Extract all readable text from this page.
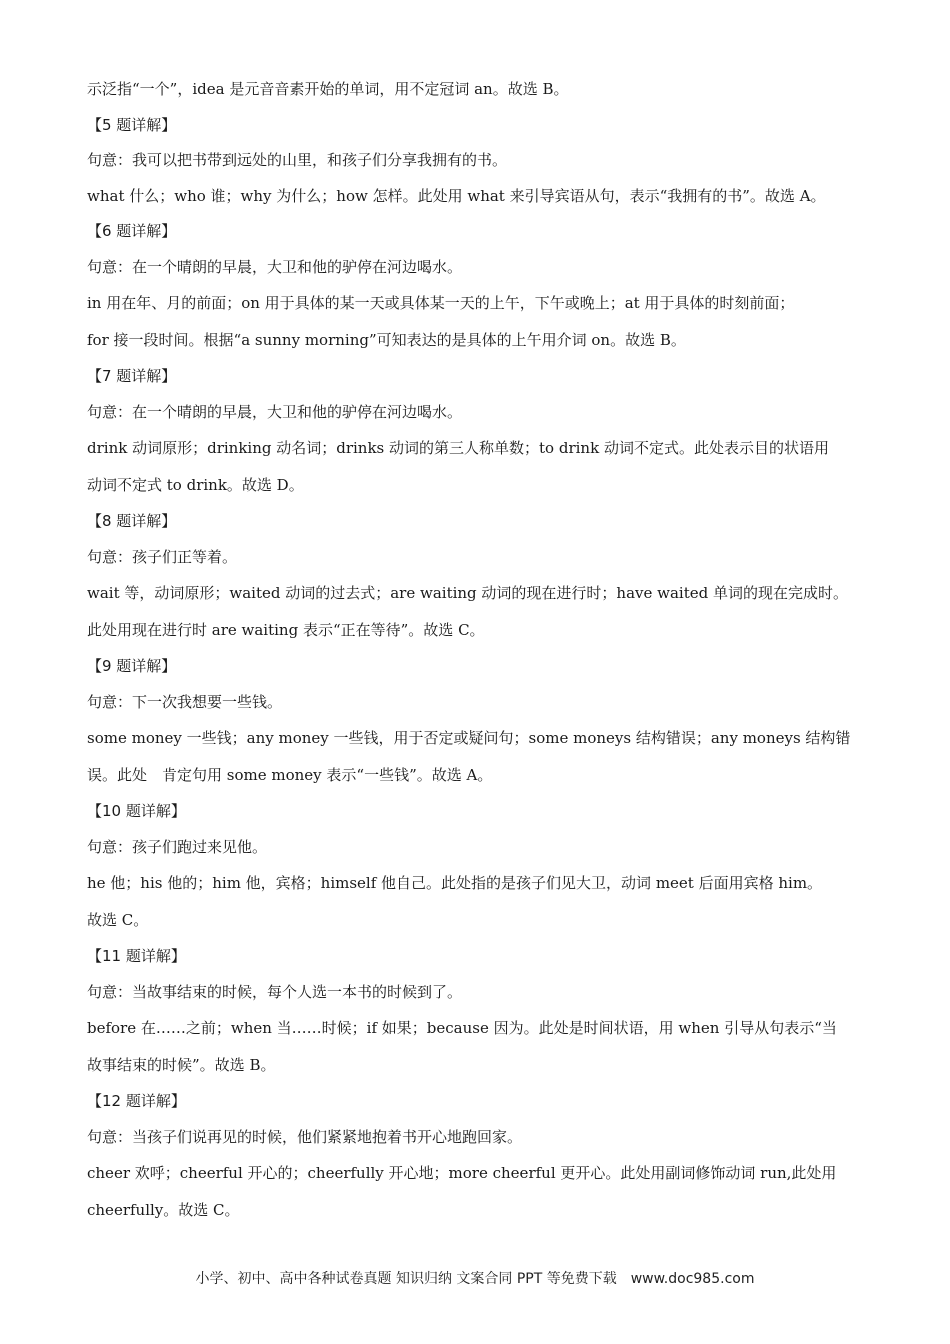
示泛指“一个”，idea 是元音音素开始的单词，用不定冠词 an。故选 B。

【5 题详解】

句意：我可以把书带到远处的山里，和孩子们分享我拥有的书。

what 什么；who 谁；why 为什么；how 怎样。此处用 what 来引导宾语从句，表示“我拥有的书”。故选 A。

【6 题详解】

句意：在一个晴朗的早晨，大卫和他的驴停在河边喝水。

in 用在年、月的前面；on 用于具体的某一天或具体某一天的上午，下午或晚上；at 用于具体的时刻前面；

for 接一段时间。根据“a sunny morning”可知表达的是具体的上午用介词 on。故选 B。

【7 题详解】

句意：在一个晴朗的早晨，大卫和他的驴停在河边喝水。

drink 动词原形；drinking 动名词；drinks 动词的第三人称单数；to drink 动词不定式。此处表示目的状语用

动词不定式 to drink。故选 D。

【8 题详解】

句意：孩子们正等着。

wait 等，动词原形；waited 动词的过去式；are waiting 动词的现在进行时；have waited 单词的现在完成时。

此处用现在进行时 are waiting 表示“正在等待”。故选 C。

【9 题详解】

句意：下一次我想要一些钱。

some money 一些钱；any money 一些钱，用于否定或疑问句；some moneys 结构错误；any moneys 结构错

误。此处　肯定句用 some money 表示“一些钱”。故选 A。

【10 题详解】

句意：孩子们跑过来见他。

he 他；his 他的；him 他，宾格；himself 他自己。此处指的是孩子们见大卫，动词 meet 后面用宾格 him。

故选 C。

【11 题详解】

句意：当故事结束的时候，每个人选一本书的时候到了。

before 在……之前；when 当……时候；if 如果；because 因为。此处是时间状语，用 when 引导从句表示“当

故事结束的时候”。故选 B。

【12 题详解】

句意：当孩子们说再见的时候，他们紧紧地抱着书开心地跑回家。

cheer 欢呼；cheerful 开心的；cheerfully 开心地；more cheerful 更开心。此处用副词修饰动词 run,此处用

cheerfully。故选 C。

小学、初中、高中各种试卷真题 知识归纳 文案合同 PPT 等免费下载　www.doc985.com
